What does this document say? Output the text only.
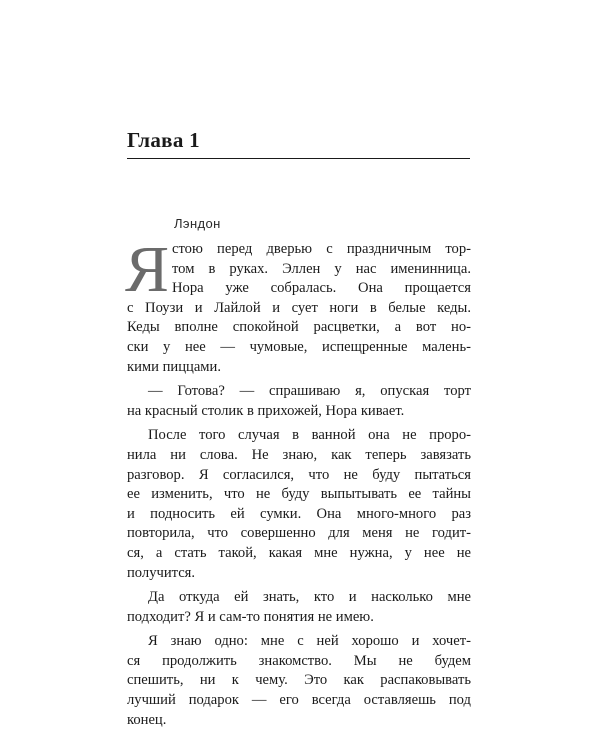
Глава 1
Лэндон
Я стою перед дверью с праздничным тор-
том в руках. Эллен у нас именинница.
Нора уже собралась. Она прощается
с Поузи и Лайлой и сует ноги в белые кеды.
Кеды вполне спокойной расцветки, а вот но-
ски у нее — чумовые, испещренные малень-
кими пиццами.
— Готова? — спрашиваю я, опуская торт
на красный столик в прихожей, Нора кивает.
После того случая в ванной она не проро-
нила ни слова. Не знаю, как теперь завязать
разговор. Я согласился, что не буду пытаться
ее изменить, что не буду выпытывать ее тайны
и подносить ей сумки. Она много-много раз
повторила, что совершенно для меня не годит-
ся, а стать такой, какая мне нужна, у нее не
получится.
Да откуда ей знать, кто и насколько мне
подходит? Я и сам-то понятия не имею.
Я знаю одно: мне с ней хорошо и хочет-
ся продолжить знакомство. Мы не будем
спешить, ни к чему. Это как распаковывать
лучший подарок — его всегда оставляешь под
конец.
